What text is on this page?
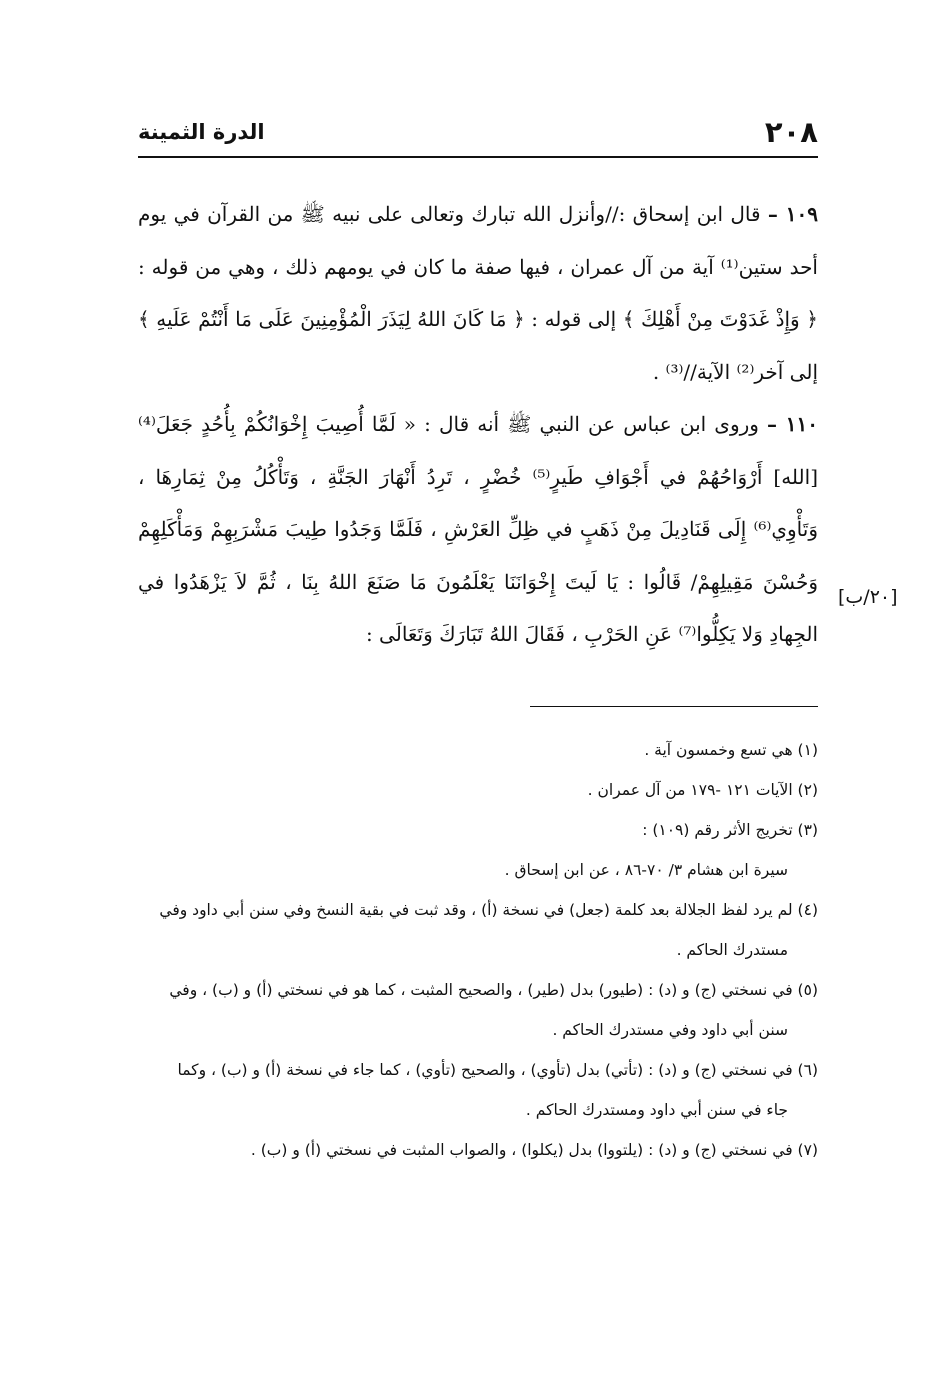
الدرة الثمينة	٢٠٨

١٠٩ – قال ابن إسحاق ://وأنزل الله تبارك وتعالى على نبيه ﷺ من القرآن في يوم أحد ستين⁽¹⁾ آية من آل عمران ، فيها صفة ما كان في يومهم ذلك ، وهي من قوله : ﴿ وَإِذْ غَدَوْتَ مِنْ أَهْلِكَ ﴾ إلى قوله : ﴿ مَا كَانَ اللهُ لِيَذَرَ الْمُؤْمِنِينَ عَلَى مَا أَنْتُمْ عَلَيهِ ﴾ إلى آخر⁽²⁾ الآية//⁽³⁾ .

١١٠ – وروى ابن عباس عن النبي ﷺ أنه قال : « لَمَّا أُصِيبَ إِخْوَانُكُمْ بِأُحُدٍ جَعَلَ⁽⁴⁾ [الله] أَرْوَاحُهُمْ في أَجْوَافِ طَيرٍ⁽⁵⁾ خُضْرٍ ، تَرِدُ أَنْهَارَ الجَنَّةِ ، وَتَأْكُلُ مِنْ ثِمَارِهَا ، وَتَأْوِي⁽⁶⁾ إِلَى قَنَادِيلَ مِنْ ذَهَبٍ في ظِلِّ العَرْشِ ، فَلَمَّا وَجَدُوا طِيبَ مَشْرَبِهِمْ وَمَأْكَلِهِمْ وَحُسْنَ مَقِيلِهِمْ/ قَالُوا : يَا لَيتَ إِخْوَانَنَا يَعْلَمُونَ مَا صَنَعَ اللهُ بِنَا ، ثُمَّ لاَ يَزْهَدُوا في الجِهادِ وَلا يَكِلُّوا⁽⁷⁾ عَنِ الحَرْبِ ، فَقَالَ اللهُ تَبَارَكَ وَتَعَالَى :

[٢٠/ب]
(١) هي تسع وخمسون آية .
(٢) الآيات ١٢١ -١٧٩ من آل عمران .
(٣) تخريج الأثر رقم (١٠٩) :
سيرة ابن هشام ٣/ ٧٠-٨٦ ، عن ابن إسحاق .
(٤) لم يرد لفظ الجلالة بعد كلمة (جعل) في نسخة (أ) ، وقد ثبت في بقية النسخ وفي سنن أبي داود وفي
مستدرك الحاكم .
(٥) في نسختي (ج) و (د) : (طيور) بدل (طير) ، والصحيح المثبت ، كما هو في نسختي (أ) و (ب) ، وفي
سنن أبي داود وفي مستدرك الحاكم .
(٦) في نسختي (ج) و (د) : (تأتي) بدل (تأوي) ، والصحيح (تأوي) ، كما جاء في نسخة (أ) و (ب) ، وكما
جاء في سنن أبي داود ومستدرك الحاكم .
(٧) في نسختي (ج) و (د) : (يلتووا) بدل (يكلوا) ، والصواب المثبت في نسختي (أ) و (ب) .
